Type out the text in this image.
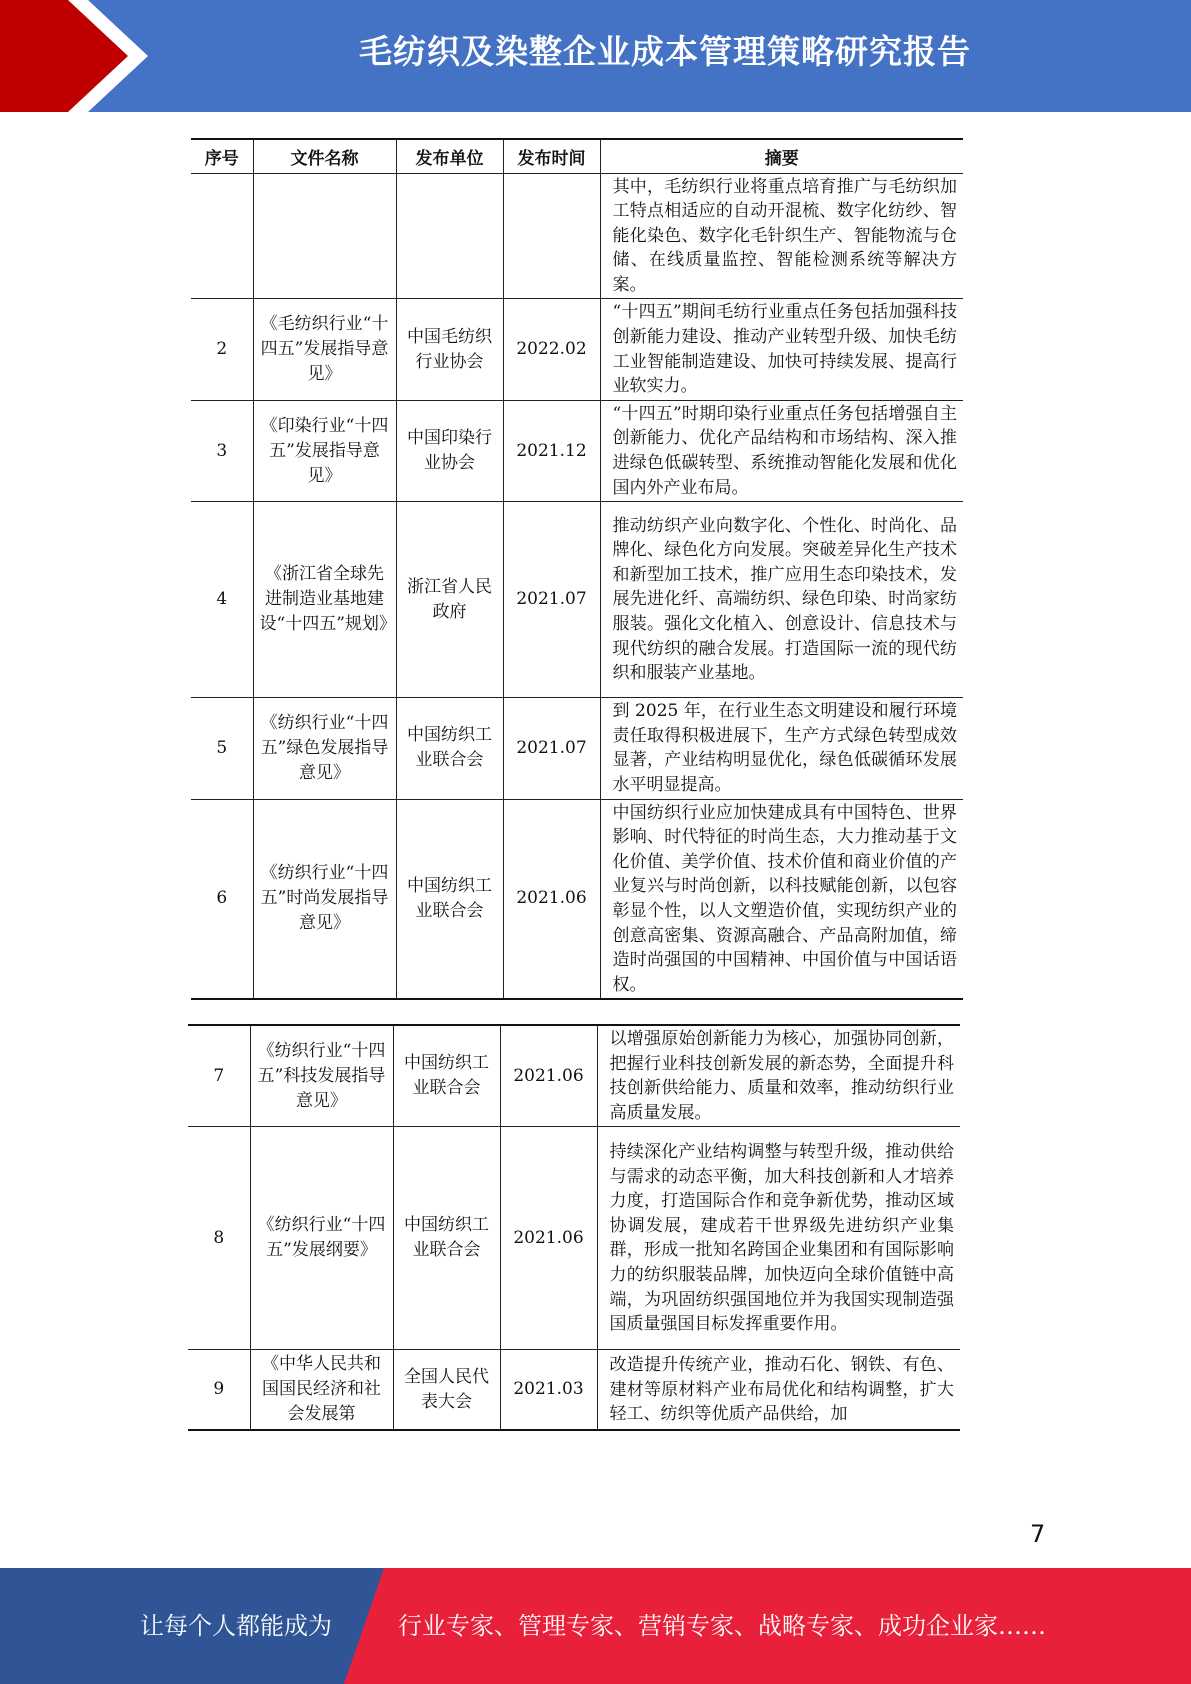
毛纺织及染整企业成本管理策略研究报告
序号	文件名称	发布单位	发布时间	摘要
				其中，毛纺织行业将重点培育推广与毛纺织加工特点相适应的自动开混梳、数字化纺纱、智能化染色、数字化毛针织生产、智能物流与仓储、在线质量监控、智能检测系统等解决方案。
2	《毛纺织行业“十四五”发展指导意见》	中国毛纺织行业协会	2022.02	“十四五”期间毛纺行业重点任务包括加强科技创新能力建设、推动产业转型升级、加快毛纺工业智能制造建设、加快可持续发展、提高行业软实力。
3	《印染行业“十四五”发展指导意见》	中国印染行业协会	2021.12	“十四五”时期印染行业重点任务包括增强自主创新能力、优化产品结构和市场结构、深入推进绿色低碳转型、系统推动智能化发展和优化国内外产业布局。
4	《浙江省全球先进制造业基地建设“十四五”规划》	浙江省人民政府	2021.07	推动纺织产业向数字化、个性化、时尚化、品牌化、绿色化方向发展。突破差异化生产技术和新型加工技术，推广应用生态印染技术，发展先进化纤、高端纺织、绿色印染、时尚家纺服装。强化文化植入、创意设计、信息技术与现代纺织的融合发展。打造国际一流的现代纺织和服装产业基地。
5	《纺织行业“十四五”绿色发展指导意见》	中国纺织工业联合会	2021.07	到 2025 年，在行业生态文明建设和履行环境责任取得积极进展下，生产方式绿色转型成效显著，产业结构明显优化，绿色低碳循环发展水平明显提高。
6	《纺织行业“十四五”时尚发展指导意见》	中国纺织工业联合会	2021.06	中国纺织行业应加快建成具有中国特色、世界影响、时代特征的时尚生态，大力推动基于文化价值、美学价值、技术价值和商业价值的产业复兴与时尚创新，以科技赋能创新，以包容彰显个性，以人文塑造价值，实现纺织产业的创意高密集、资源高融合、产品高附加值，缔造时尚强国的中国精神、中国价值与中国话语权。
7	《纺织行业“十四五”科技发展指导意见》	中国纺织工业联合会	2021.06	以增强原始创新能力为核心，加强协同创新，把握行业科技创新发展的新态势，全面提升科技创新供给能力、质量和效率，推动纺织行业高质量发展。
8	《纺织行业“十四五”发展纲要》	中国纺织工业联合会	2021.06	持续深化产业结构调整与转型升级，推动供给与需求的动态平衡，加大科技创新和人才培养力度，打造国际合作和竞争新优势，推动区域协调发展，建成若干世界级先进纺织产业集群，形成一批知名跨国企业集团和有国际影响力的纺织服装品牌，加快迈向全球价值链中高端，为巩固纺织强国地位并为我国实现制造强国质量强国目标发挥重要作用。
9	《中华人民共和国国民经济和社会发展第	全国人民代表大会	2021.03	改造提升传统产业，推动石化、钢铁、有色、建材等原材料产业布局优化和结构调整，扩大轻工、纺织等优质产品供给，加
7
让每个人都能成为	行业专家、管理专家、营销专家、战略专家、成功企业家……
